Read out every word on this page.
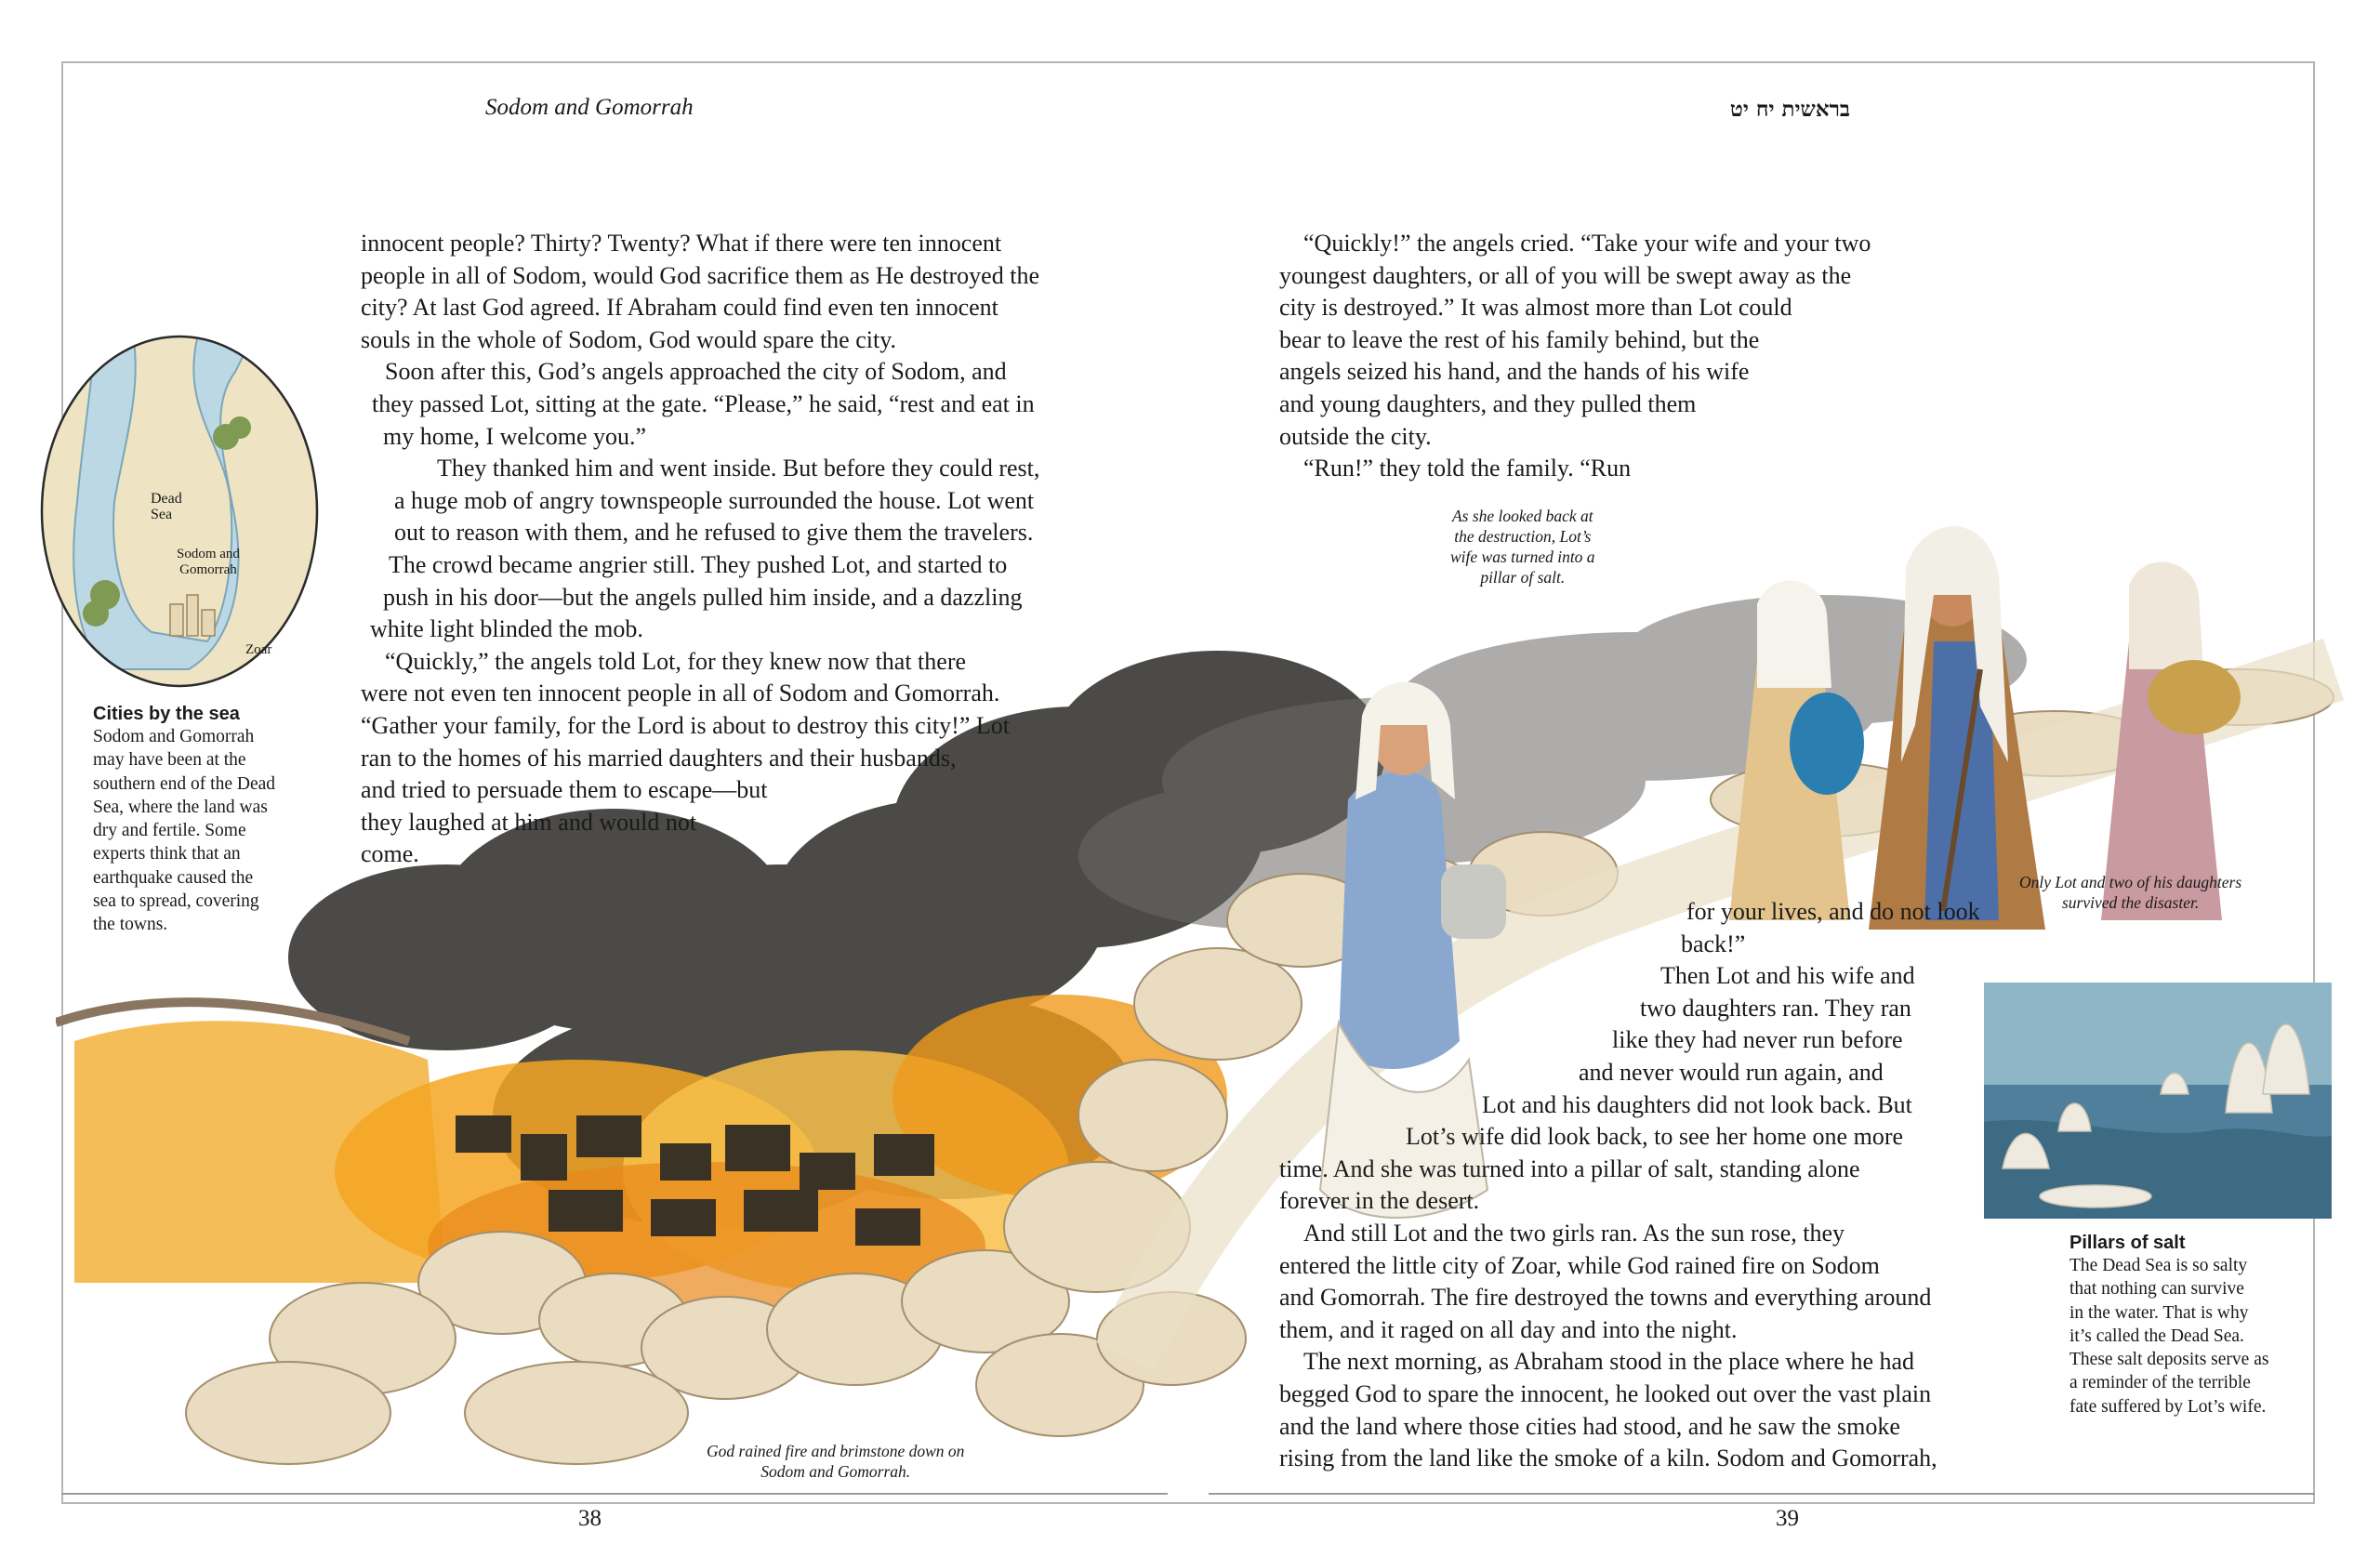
Sodom and Gomorrah	בראשית יח יט
Dead
Sea
Sodom and
Gomorrah
Zoar
Cities by the sea
Sodom and Gomorrah
may have been at the
southern end of the Dead
Sea, where the land was
dry and fertile. Some
experts think that an
earthquake caused the
sea to spread, covering
the towns.
innocent people? Thirty? Twenty? What if there were ten innocent
people in all of Sodom, would God sacrifice them as He destroyed the
city? At last God agreed. If Abraham could find even ten innocent
souls in the whole of Sodom, God would spare the city.
Soon after this, God’s angels approached the city of Sodom, and
they passed Lot, sitting at the gate. “Please,” he said, “rest and eat in
my home, I welcome you.”
They thanked him and went inside. But before they could rest,
a huge mob of angry townspeople surrounded the house. Lot went
out to reason with them, and he refused to give them the travelers.
The crowd became angrier still. They pushed Lot, and started to
push in his door—but the angels pulled him inside, and a dazzling
white light blinded the mob.
“Quickly,” the angels told Lot, for they knew now that there
were not even ten innocent people in all of Sodom and Gomorrah.
“Gather your family, for the Lord is about to destroy this city!” Lot
ran to the homes of his married daughters and their husbands,
and tried to persuade them to escape—but
they laughed at him and would not
come.
“Quickly!” the angels cried. “Take your wife and your two
youngest daughters, or all of you will be swept away as the
city is destroyed.” It was almost more than Lot could
bear to leave the rest of his family behind, but the
angels seized his hand, and the hands of his wife
and young daughters, and they pulled them
outside the city.
“Run!” they told the family. “Run
for your lives, and do not look
back!”
Then Lot and his wife and
two daughters ran. They ran
like they had never run before
and never would run again, and
Lot and his daughters did not look back. But
Lot’s wife did look back, to see her home one more
time. And she was turned into a pillar of salt, standing alone
forever in the desert.
And still Lot and the two girls ran. As the sun rose, they
entered the little city of Zoar, while God rained fire on Sodom
and Gomorrah. The fire destroyed the towns and everything around
them, and it raged on all day and into the night.
The next morning, as Abraham stood in the place where he had
begged God to spare the innocent, he looked out over the vast plain
and the land where those cities had stood, and he saw the smoke
rising from the land like the smoke of a kiln. Sodom and Gomorrah,
As she looked back at
the destruction, Lot’s
wife was turned into a
pillar of salt.
Only Lot and two of his daughters
survived the disaster.
God rained fire and brimstone down on
Sodom and Gomorrah.
Pillars of salt
The Dead Sea is so salty
that nothing can survive
in the water. That is why
it’s called the Dead Sea.
These salt deposits serve as
a reminder of the terrible
fate suffered by Lot’s wife.
38	39
